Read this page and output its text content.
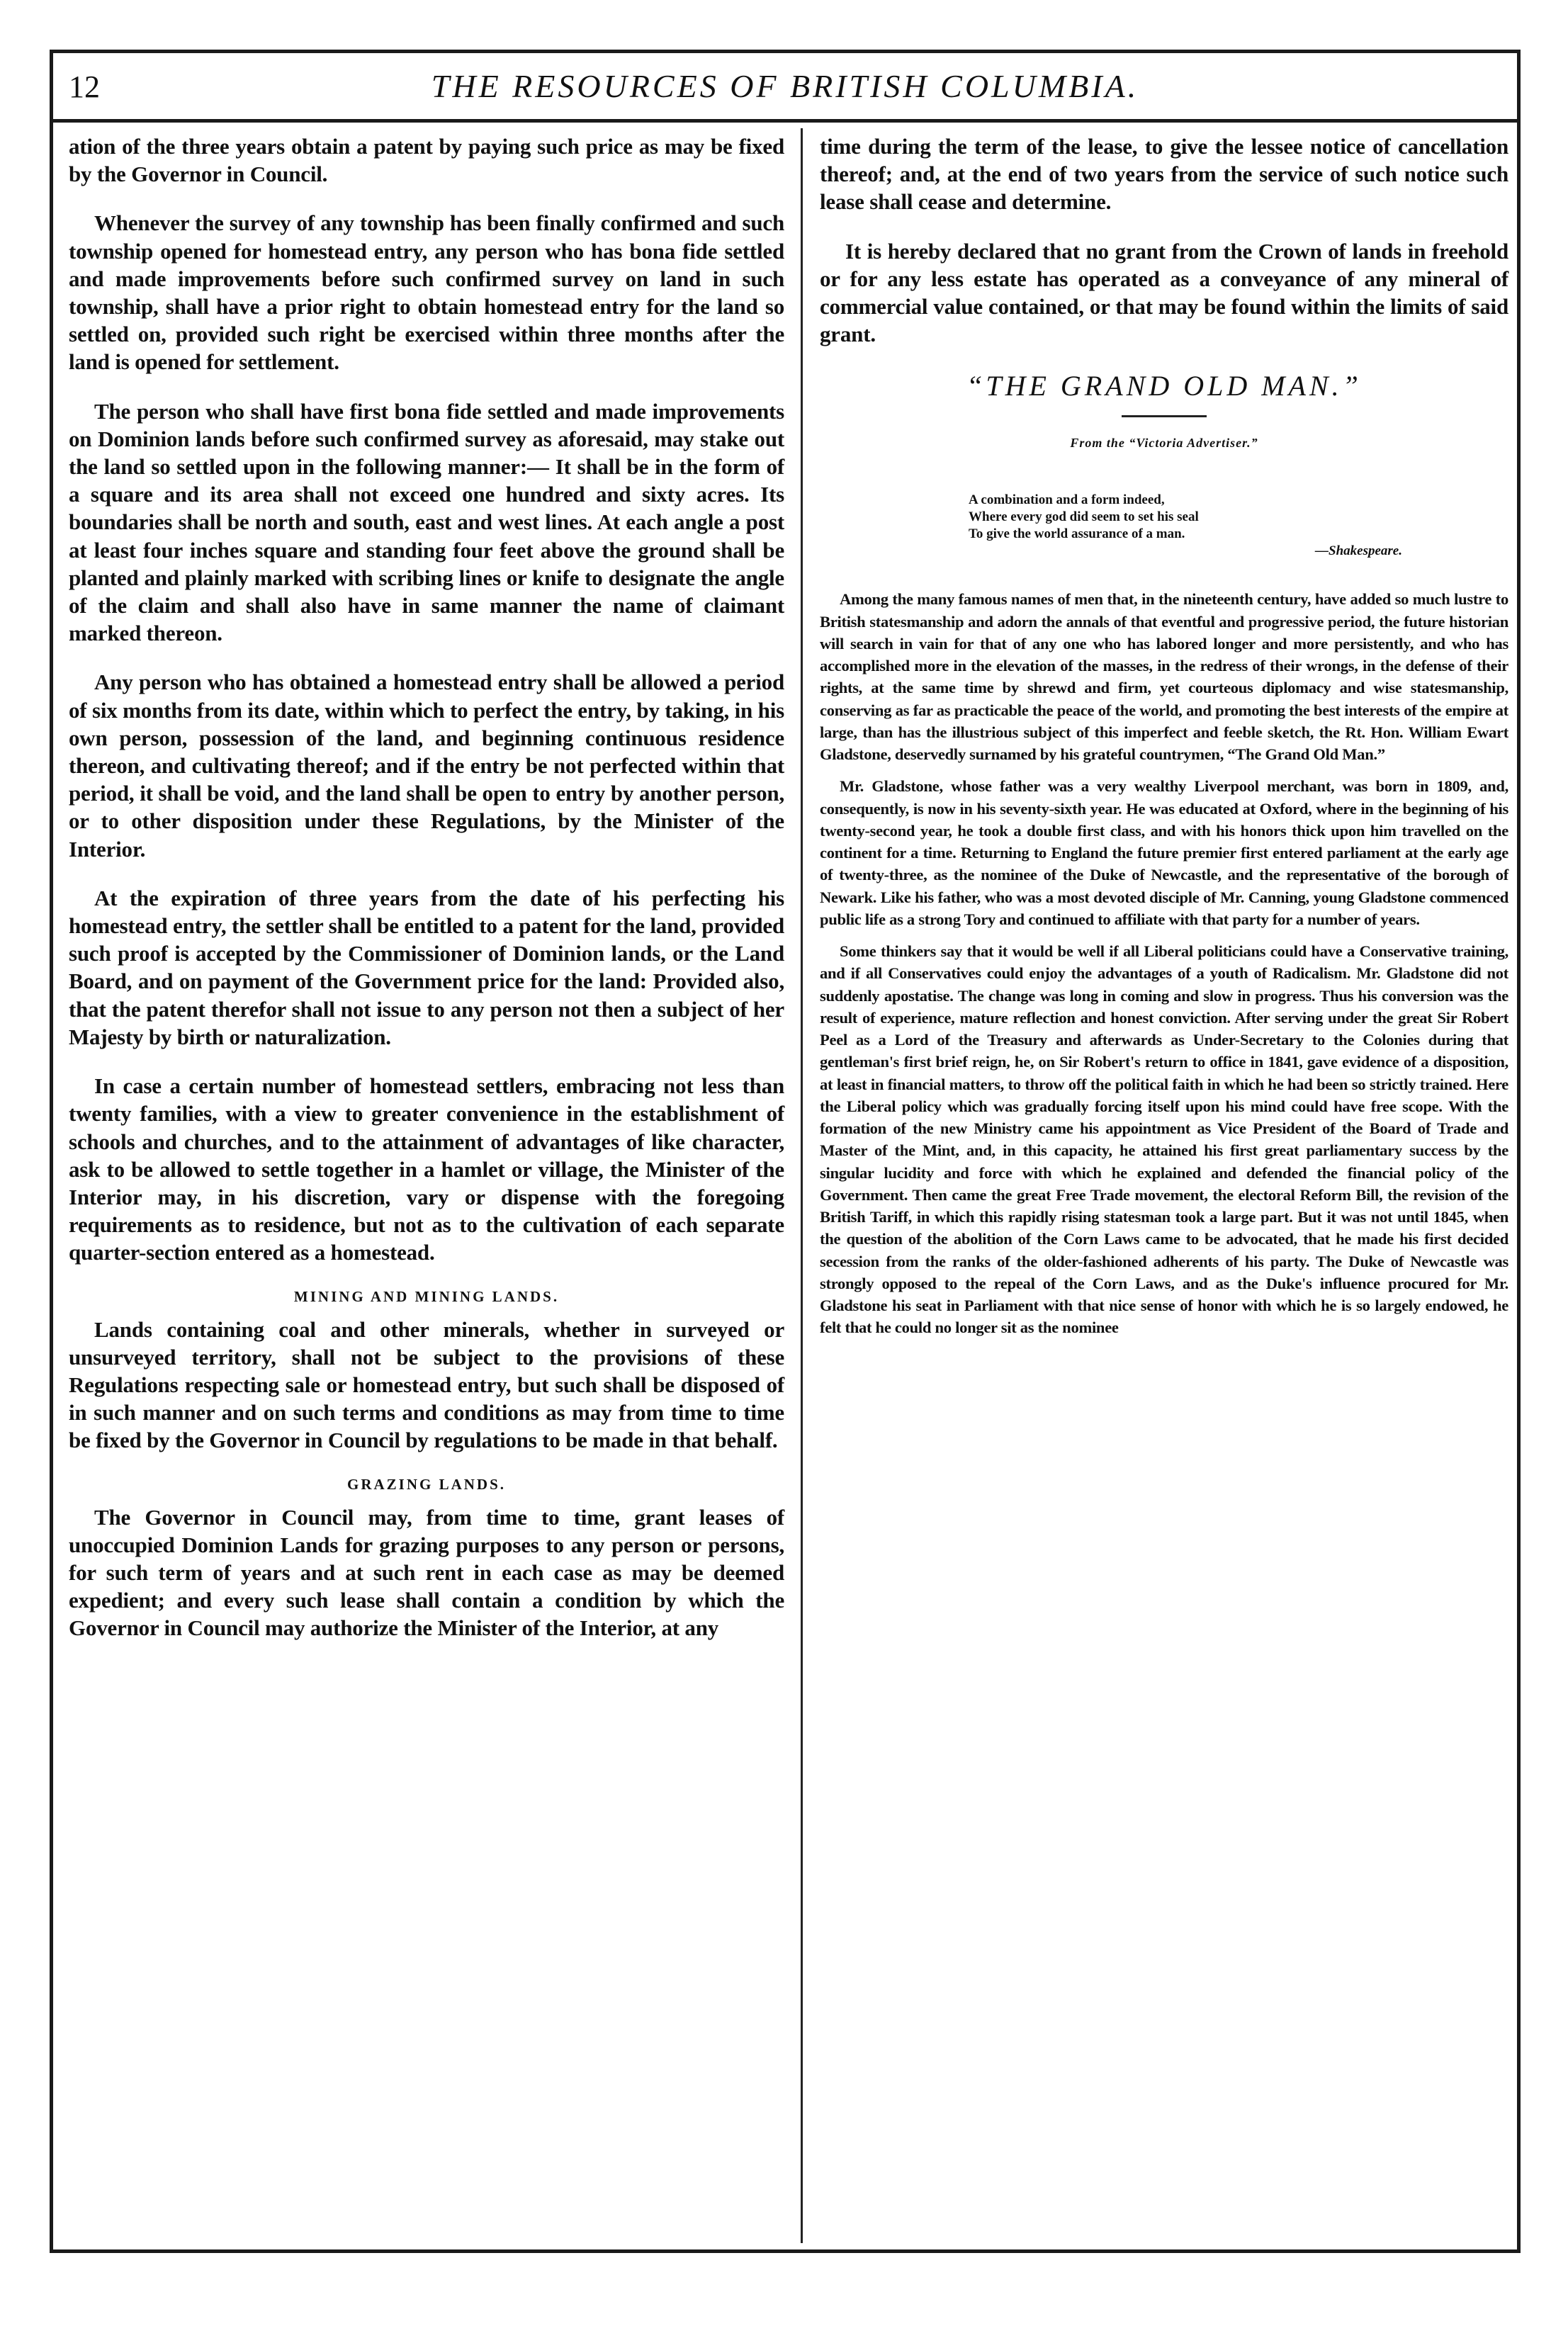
12	THE RESOURCES OF BRITISH COLUMBIA.

ation of the three years obtain a patent by paying such price as may be fixed by the Governor in Council.

Whenever the survey of any township has been finally confirmed and such township opened for homestead entry, any person who has bona fide settled and made improvements before such confirmed survey on land in such township, shall have a prior right to obtain homestead entry for the land so settled on, provided such right be exercised within three months after the land is opened for settlement.

The person who shall have first bona fide settled and made improvements on Dominion lands before such confirmed survey as aforesaid, may stake out the land so settled upon in the following manner:— It shall be in the form of a square and its area shall not exceed one hundred and sixty acres. Its boundaries shall be north and south, east and west lines. At each angle a post at least four inches square and standing four feet above the ground shall be planted and plainly marked with scribing lines or knife to designate the angle of the claim and shall also have in same manner the name of claimant marked thereon.

Any person who has obtained a homestead entry shall be allowed a period of six months from its date, within which to perfect the entry, by taking, in his own person, possession of the land, and beginning continuous residence thereon, and cultivating thereof; and if the entry be not perfected within that period, it shall be void, and the land shall be open to entry by another person, or to other disposition under these Regulations, by the Minister of the Interior.

At the expiration of three years from the date of his perfecting his homestead entry, the settler shall be entitled to a patent for the land, provided such proof is accepted by the Commissioner of Dominion lands, or the Land Board, and on payment of the Government price for the land: Provided also, that the patent therefor shall not issue to any person not then a subject of her Majesty by birth or naturalization.

In case a certain number of homestead settlers, embracing not less than twenty families, with a view to greater convenience in the establishment of schools and churches, and to the attainment of advantages of like character, ask to be allowed to settle together in a hamlet or village, the Minister of the Interior may, in his discretion, vary or dispense with the foregoing requirements as to residence, but not as to the cultivation of each separate quarter-section entered as a homestead.

MINING AND MINING LANDS.

Lands containing coal and other minerals, whether in surveyed or unsurveyed territory, shall not be subject to the provisions of these Regulations respecting sale or homestead entry, but such shall be disposed of in such manner and on such terms and conditions as may from time to time be fixed by the Governor in Council by regulations to be made in that behalf.

GRAZING LANDS.

The Governor in Council may, from time to time, grant leases of unoccupied Dominion Lands for grazing purposes to any person or persons, for such term of years and at such rent in each case as may be deemed expedient; and every such lease shall contain a condition by which the Governor in Council may authorize the Minister of the Interior, at any

time during the term of the lease, to give the lessee notice of cancellation thereof; and, at the end of two years from the service of such notice such lease shall cease and determine.

It is hereby declared that no grant from the Crown of lands in freehold or for any less estate has operated as a conveyance of any mineral of commercial value contained, or that may be found within the limits of said grant.

“THE GRAND OLD MAN.”
From the “Victoria Advertiser.”
A combination and a form indeed,
Where every god did seem to set his seal
To give the world assurance of a man.
—Shakespeare.

Among the many famous names of men that, in the nineteenth century, have added so much lustre to British statesmanship and adorn the annals of that eventful and progressive period, the future historian will search in vain for that of any one who has labored longer and more persistently, and who has accomplished more in the elevation of the masses, in the redress of their wrongs, in the defense of their rights, at the same time by shrewd and firm, yet courteous diplomacy and wise statesmanship, conserving as far as practicable the peace of the world, and promoting the best interests of the empire at large, than has the illustrious subject of this imperfect and feeble sketch, the Rt. Hon. William Ewart Gladstone, deservedly surnamed by his grateful countrymen, “The Grand Old Man.”

Mr. Gladstone, whose father was a very wealthy Liverpool merchant, was born in 1809, and, consequently, is now in his seventy-sixth year. He was educated at Oxford, where in the beginning of his twenty-second year, he took a double first class, and with his honors thick upon him travelled on the continent for a time. Returning to England the future premier first entered parliament at the early age of twenty-three, as the nominee of the Duke of Newcastle, and the representative of the borough of Newark. Like his father, who was a most devoted disciple of Mr. Canning, young Gladstone commenced public life as a strong Tory and continued to affiliate with that party for a number of years.

Some thinkers say that it would be well if all Liberal politicians could have a Conservative training, and if all Conservatives could enjoy the advantages of a youth of Radicalism. Mr. Gladstone did not suddenly apostatise. The change was long in coming and slow in progress. Thus his conversion was the result of experience, mature reflection and honest conviction. After serving under the great Sir Robert Peel as a Lord of the Treasury and afterwards as Under-Secretary to the Colonies during that gentleman's first brief reign, he, on Sir Robert's return to office in 1841, gave evidence of a disposition, at least in financial matters, to throw off the political faith in which he had been so strictly trained. Here the Liberal policy which was gradually forcing itself upon his mind could have free scope. With the formation of the new Ministry came his appointment as Vice President of the Board of Trade and Master of the Mint, and, in this capacity, he attained his first great parliamentary success by the singular lucidity and force with which he explained and defended the financial policy of the Government. Then came the great Free Trade movement, the electoral Reform Bill, the revision of the British Tariff, in which this rapidly rising statesman took a large part. But it was not until 1845, when the question of the abolition of the Corn Laws came to be advocated, that he made his first decided secession from the ranks of the older-fashioned adherents of his party. The Duke of Newcastle was strongly opposed to the repeal of the Corn Laws, and as the Duke's influence procured for Mr. Gladstone his seat in Parliament with that nice sense of honor with which he is so largely endowed, he felt that he could no longer sit as the nominee
